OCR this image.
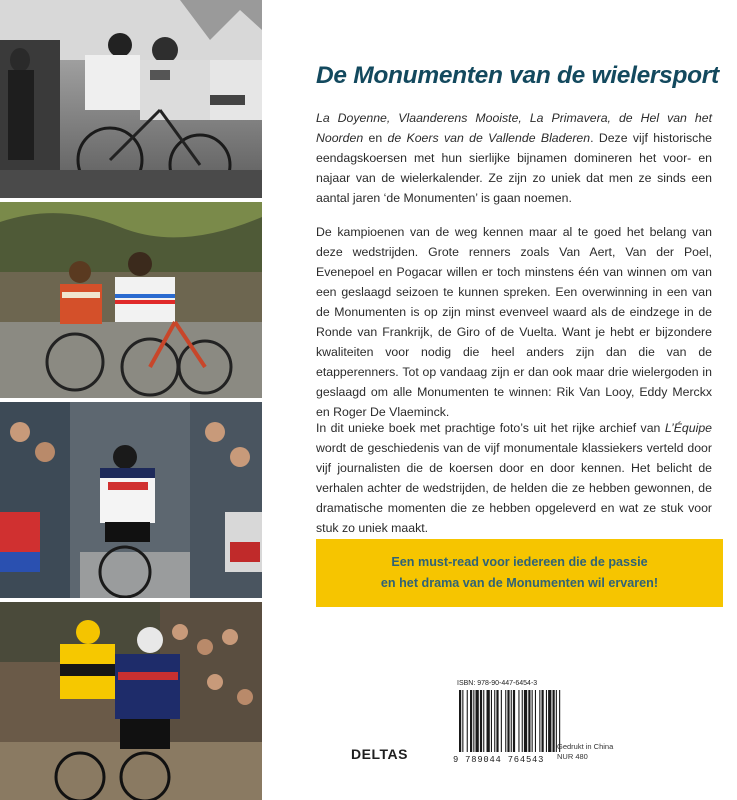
De Monumenten van de wielersport

La Doyenne, Vlaanderens Mooiste, La Primavera, de Hel van het Noorden en de Koers van de Vallende Bladeren. Deze vijf historische eendagskoersen met hun sierlijke bijnamen domineren het voor- en najaar van de wielerkalender. Ze zijn zo uniek dat men ze sinds een aantal jaren ‘de Monumenten’ is gaan noemen.

De kampioenen van de weg kennen maar al te goed het belang van deze wedstrijden. Grote renners zoals Van Aert, Van der Poel, Evenepoel en Pogacar willen er toch minstens één van winnen om van een geslaagd seizoen te kunnen spreken. Een overwinning in een van de Monumenten is op zijn minst evenveel waard als de eindzege in de Ronde van Frankrijk, de Giro of de Vuelta. Want je hebt er bijzondere kwaliteiten voor nodig die heel anders zijn dan die van de etapperenners. Tot op vandaag zijn er dan ook maar drie wielergoden in geslaagd om alle Monumenten te winnen: Rik Van Looy, Eddy Merckx en Roger De Vlaeminck.

In dit unieke boek met prachtige foto’s uit het rijke archief van L’Équipe wordt de geschiedenis van de vijf monumentale klassiekers verteld door vijf journalisten die de koersen door en door kennen. Het belicht de verhalen achter de wedstrijden, de helden die ze hebben gewonnen, de dramatische momenten die ze hebben opgeleverd en wat ze stuk voor stuk zo uniek maakt.

Een must-read voor iedereen die de passie
en het drama van de Monumenten wil ervaren!
DELTAS
ISBN: 978-90-447-6454-3
9 789044 764543
Gedrukt in China
NUR 480
